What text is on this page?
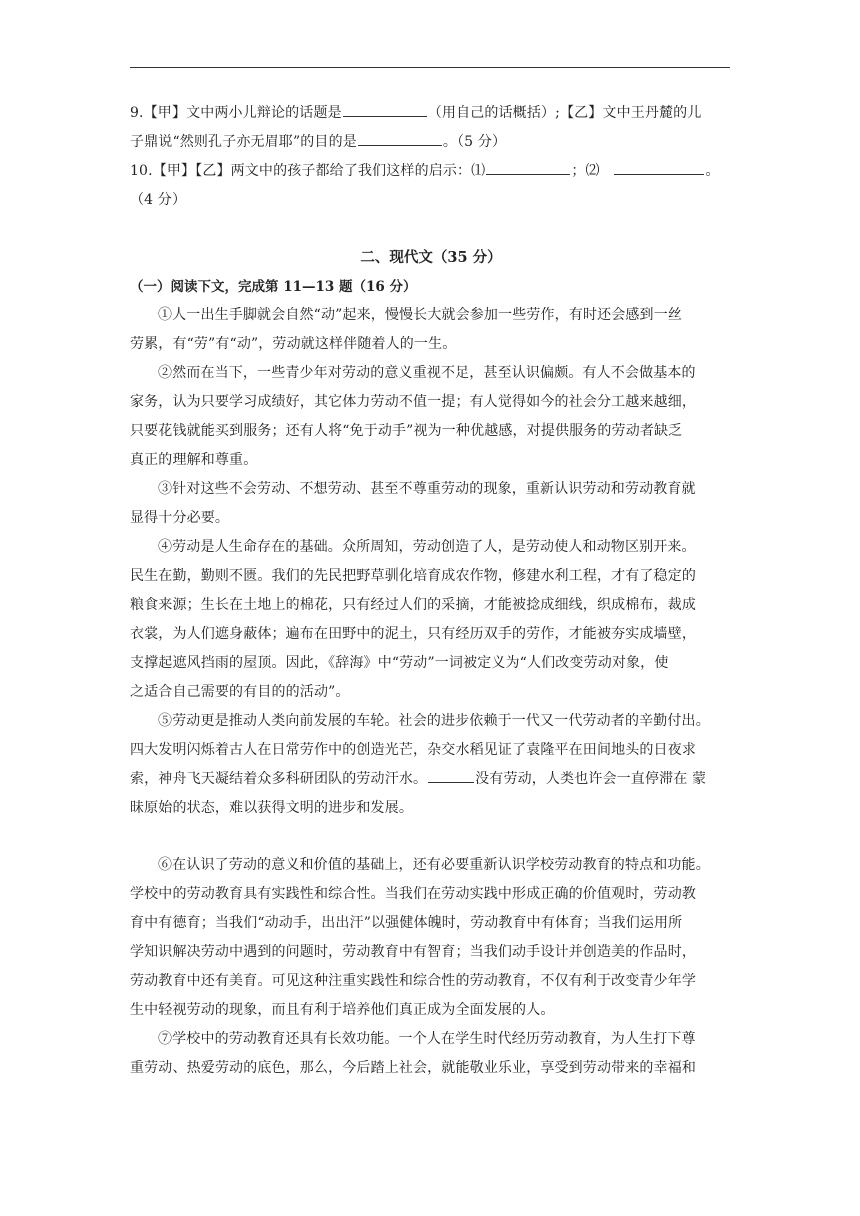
9.【甲】文中两小儿辩论的话题是	（用自己的话概括）;【乙】文中王丹麓的儿
子鼎说“然则孔子亦无眉耶”的目的是	。（5 分）
10.【甲】【乙】两文中的孩子都给了我们这样的启示：⑴	；⑵	。
（4 分）
二、现代文（35 分）
（一）阅读下文，完成第 11—13 题（16 分）
①人一出生手脚就会自然“动”起来，慢慢长大就会参加一些劳作，有时还会感到一丝
劳累，有“劳”有“动”，劳动就这样伴随着人的一生。
②然而在当下，一些青少年对劳动的意义重视不足，甚至认识偏颇。有人不会做基本的
家务，认为只要学习成绩好，其它体力劳动不值一提；有人觉得如今的社会分工越来越细，
只要花钱就能买到服务；还有人将“免于动手”视为一种优越感，对提供服务的劳动者缺乏
真正的理解和尊重。
③针对这些不会劳动、不想劳动、甚至不尊重劳动的现象，重新认识劳动和劳动教育就
显得十分必要。
④劳动是人生命存在的基础。众所周知，劳动创造了人，是劳动使人和动物区别开来。
民生在勤，勤则不匮。我们的先民把野草驯化培育成农作物，修建水利工程，才有了稳定的
粮食来源；生长在土地上的棉花，只有经过人们的采摘，才能被捻成细线，织成棉布，裁成
衣裳，为人们遮身蔽体；遍布在田野中的泥土，只有经历双手的劳作，才能被夯实成墙壁，
支撑起遮风挡雨的屋顶。因此，《辞海》中“劳动”一词被定义为“人们改变劳动对象，使
之适合自己需要的有目的的活动”。
⑤劳动更是推动人类向前发展的车轮。社会的进步依赖于一代又一代劳动者的辛勤付出。
四大发明闪烁着古人在日常劳作中的创造光芒，杂交水稻见证了袁隆平在田间地头的日夜求
索，神舟飞天凝结着众多科研团队的劳动汗水。	没有劳动，人类也许会一直停滞在 蒙
昧原始的状态，难以获得文明的进步和发展。
⑥在认识了劳动的意义和价值的基础上，还有必要重新认识学校劳动教育的特点和功能。
学校中的劳动教育具有实践性和综合性。当我们在劳动实践中形成正确的价值观时，劳动教
育中有德育；当我们“动动手，出出汗”以强健体魄时，劳动教育中有体育；当我们运用所
学知识解决劳动中遇到的问题时，劳动教育中有智育；当我们动手设计并创造美的作品时，
劳动教育中还有美育。可见这种注重实践性和综合性的劳动教育，不仅有利于改变青少年学
生中轻视劳动的现象，而且有利于培养他们真正成为全面发展的人。
⑦学校中的劳动教育还具有长效功能。一个人在学生时代经历劳动教育，为人生打下尊
重劳动、热爱劳动的底色，那么，今后踏上社会，就能敬业乐业，享受到劳动带来的幸福和
